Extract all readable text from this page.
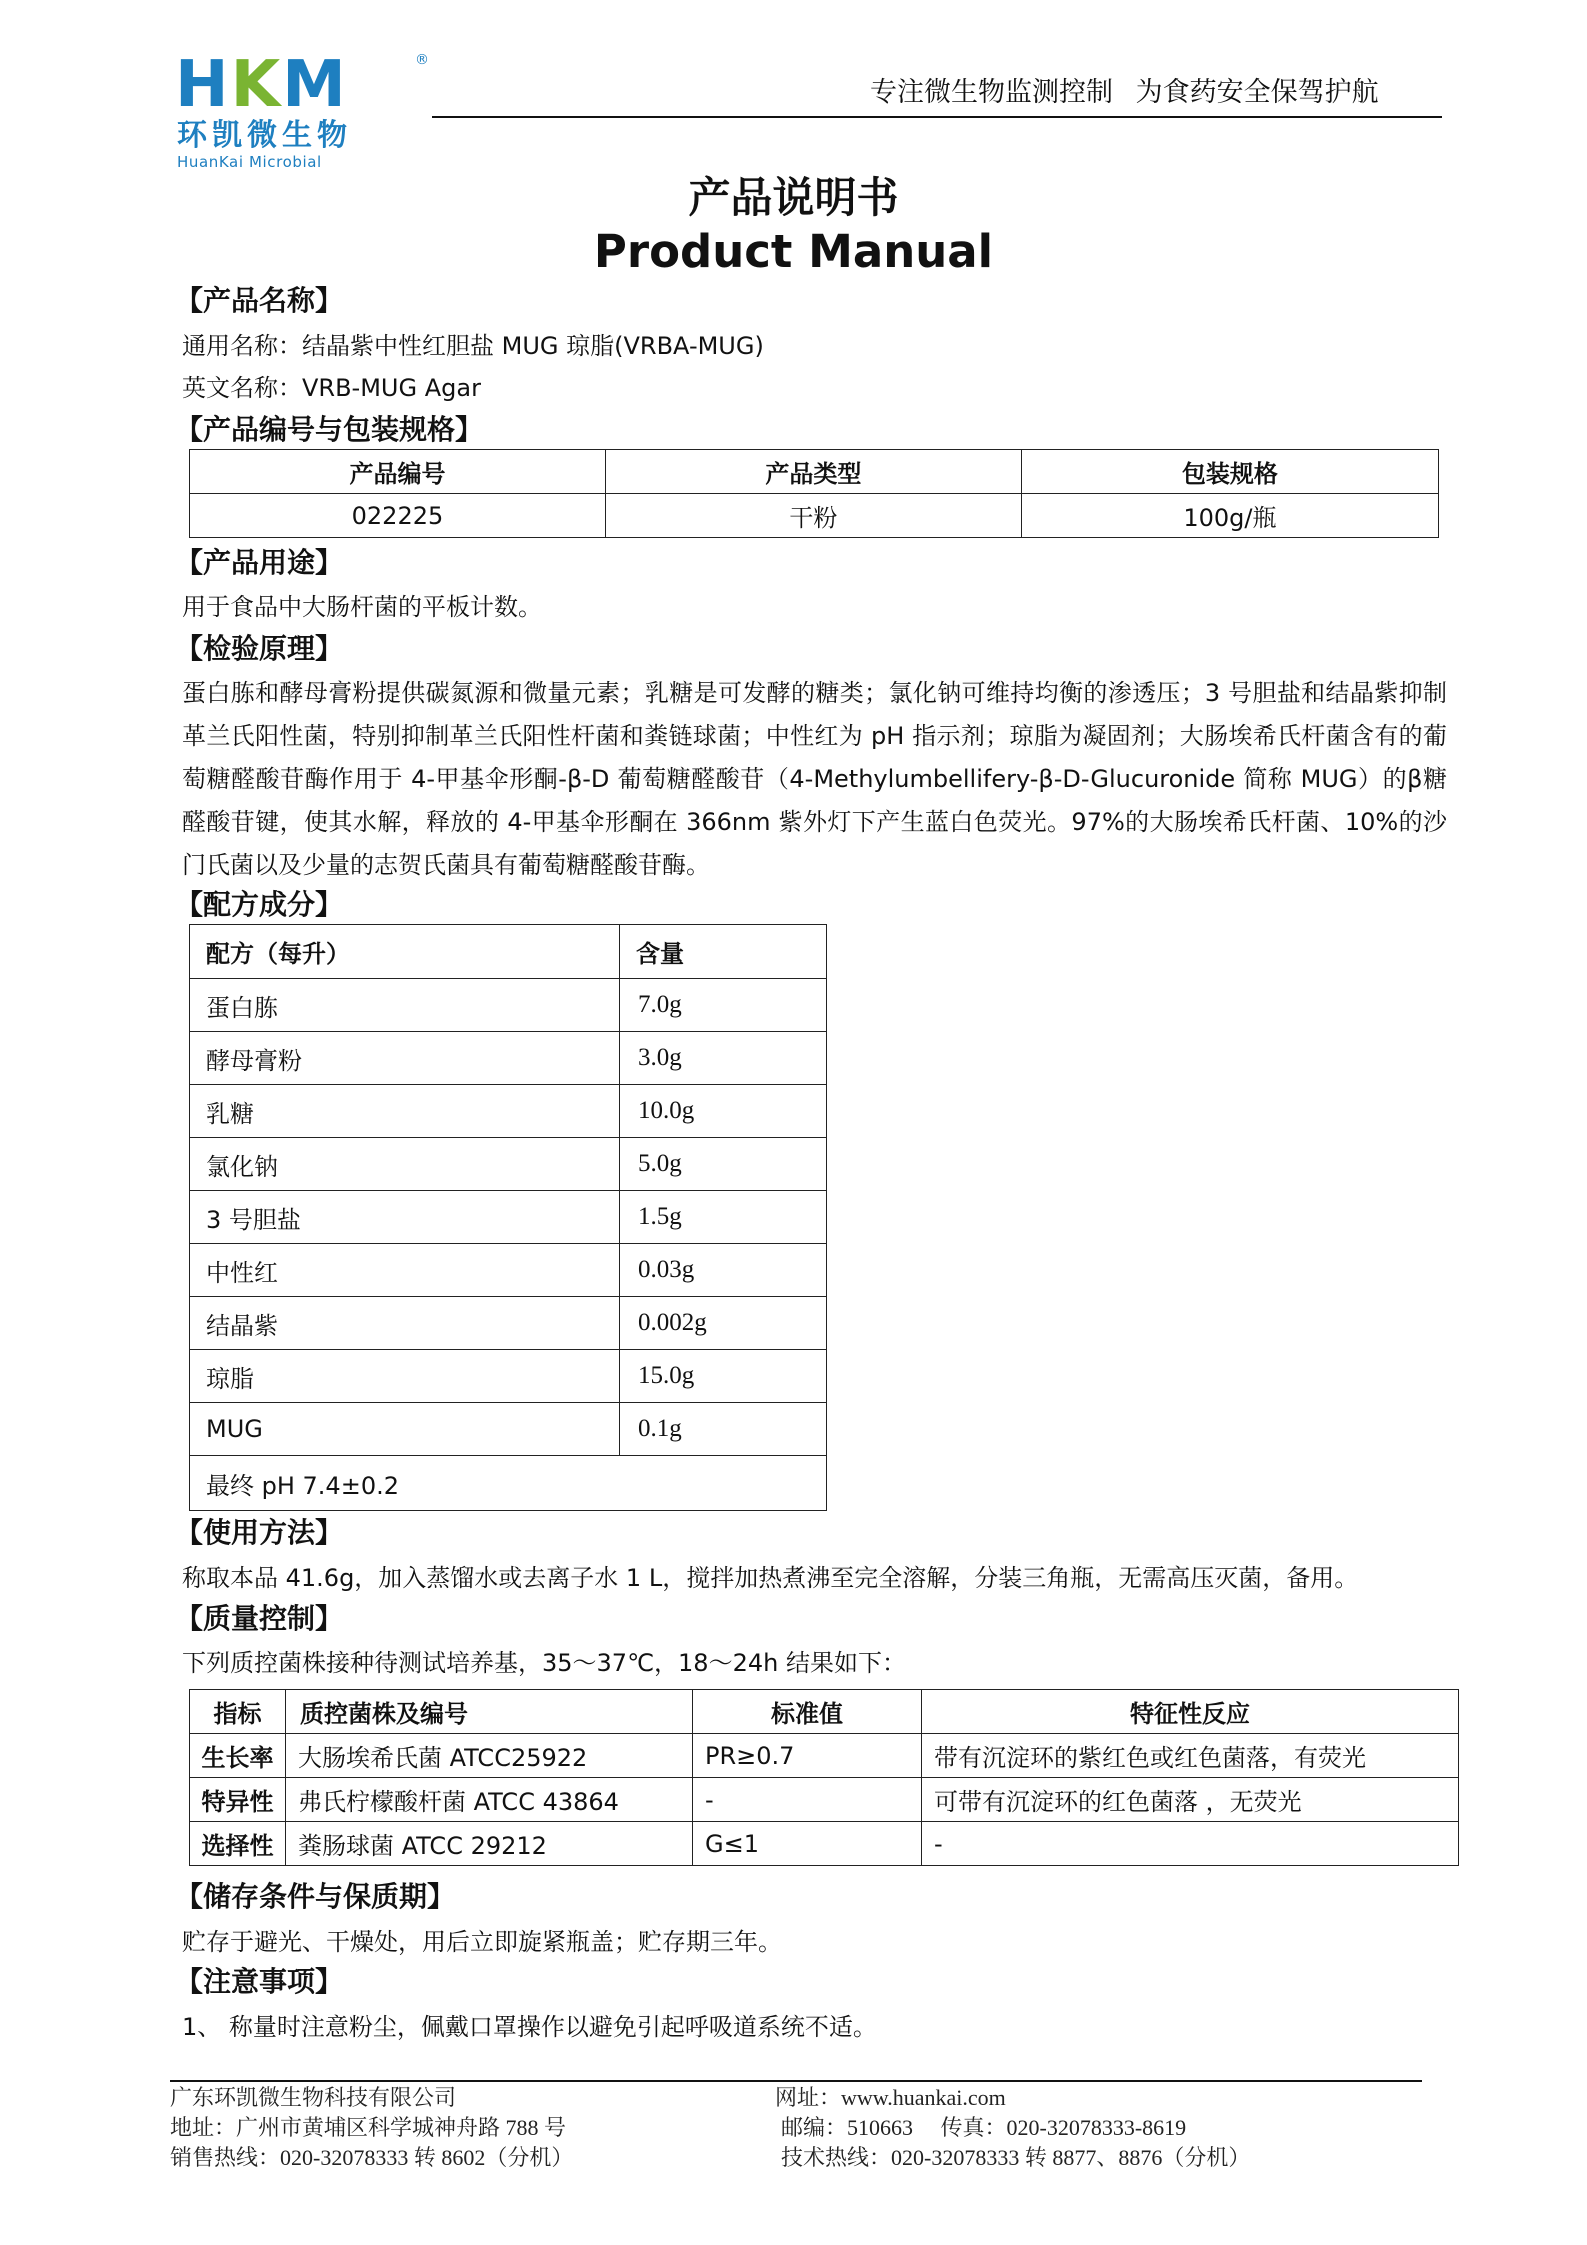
HKM	®
环凯微生物
HuanKai Microbial
专注微生物监测控制 为食药安全保驾护航
产品说明书
Product Manual
【产品名称】
通用名称：结晶紫中性红胆盐 MUG 琼脂(VRBA-MUG)
英文名称：VRB-MUG Agar
【产品编号与包装规格】
产品编号	产品类型	包装规格
022225	干粉	100g/瓶
【产品用途】
用于食品中大肠杆菌的平板计数。
【检验原理】
蛋白胨和酵母膏粉提供碳氮源和微量元素；乳糖是可发酵的糖类；氯化钠可维持均衡的渗透压；3 号胆盐和结晶紫抑制革兰氏阳性菌，特别抑制革兰氏阳性杆菌和粪链球菌；中性红为 pH 指示剂；琼脂为凝固剂；大肠埃希氏杆菌含有的葡萄糖醛酸苷酶作用于 4-甲基伞形酮-β-D 葡萄糖醛酸苷（4-Methylumbellifery-β-D-Glucuronide 简称 MUG）的β糖醛酸苷键，使其水解，释放的 4-甲基伞形酮在 366nm 紫外灯下产生蓝白色荧光。97%的大肠埃希氏杆菌、10%的沙门氏菌以及少量的志贺氏菌具有葡萄糖醛酸苷酶。
【配方成分】
配方（每升）	含量
蛋白胨	7.0g
酵母膏粉	3.0g
乳糖	10.0g
氯化钠	5.0g
3 号胆盐	1.5g
中性红	0.03g
结晶紫	0.002g
琼脂	15.0g
MUG	0.1g
最终 pH 7.4±0.2	
【使用方法】
称取本品 41.6g，加入蒸馏水或去离子水 1 L，搅拌加热煮沸至完全溶解，分装三角瓶，无需高压灭菌，备用。
【质量控制】
下列质控菌株接种待测试培养基，35～37℃，18～24h 结果如下：
指标	质控菌株及编号	标准值	特征性反应
生长率	大肠埃希氏菌 ATCC25922	PR≥0.7	带有沉淀环的紫红色或红色菌落，有荧光
特异性	弗氏柠檬酸杆菌 ATCC 43864	-	可带有沉淀环的红色菌落 ，无荧光
选择性	粪肠球菌 ATCC 29212	G≤1	-
【储存条件与保质期】
贮存于避光、干燥处，用后立即旋紧瓶盖；贮存期三年。
【注意事项】
1、 称量时注意粉尘，佩戴口罩操作以避免引起呼吸道系统不适。
广东环凯微生物科技有限公司
地址：广州市黄埔区科学城神舟路 788 号
销售热线：020-32078333 转 8602（分机）
网址：www.huankai.com
邮编：510663　 传真：020-32078333-8619
技术热线：020-32078333 转 8877、8876（分机）
